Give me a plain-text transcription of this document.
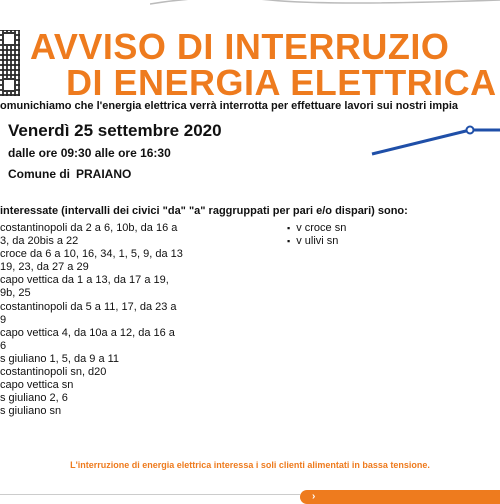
AVVISO DI INTERRUZIO
DI ENERGIA ELETTRICA
omunichiamo che l'energia elettrica verrà interrotta per effettuare lavori sui nostri impia
Venerdì 25 settembre 2020
dalle ore 09:30 alle ore 16:30
Comune di PRAIANO
interessate (intervalli dei civici "da" "a" raggruppati per pari e/o dispari) sono:
costantinopoli da 2 a 6, 10b, da 16 a
3, da 20bis a 22
croce da 6 a 10, 16, 34, 1, 5, 9, da 13
19, 23, da 27 a 29
capo vettica da 1 a 13, da 17 a 19,
9b, 25
costantinopoli da 5 a 11, 17, da 23 a
9
capo vettica 4, da 10a a 12, da 16 a
6
s giuliano 1, 5, da 9 a 11
costantinopoli sn, d20
capo vettica sn
s giuliano 2, 6
s giuliano sn
▪ v croce sn
▪ v ulivi sn
L'interruzione di energia elettrica interessa i soli clienti alimentati in bassa tensione.
›
